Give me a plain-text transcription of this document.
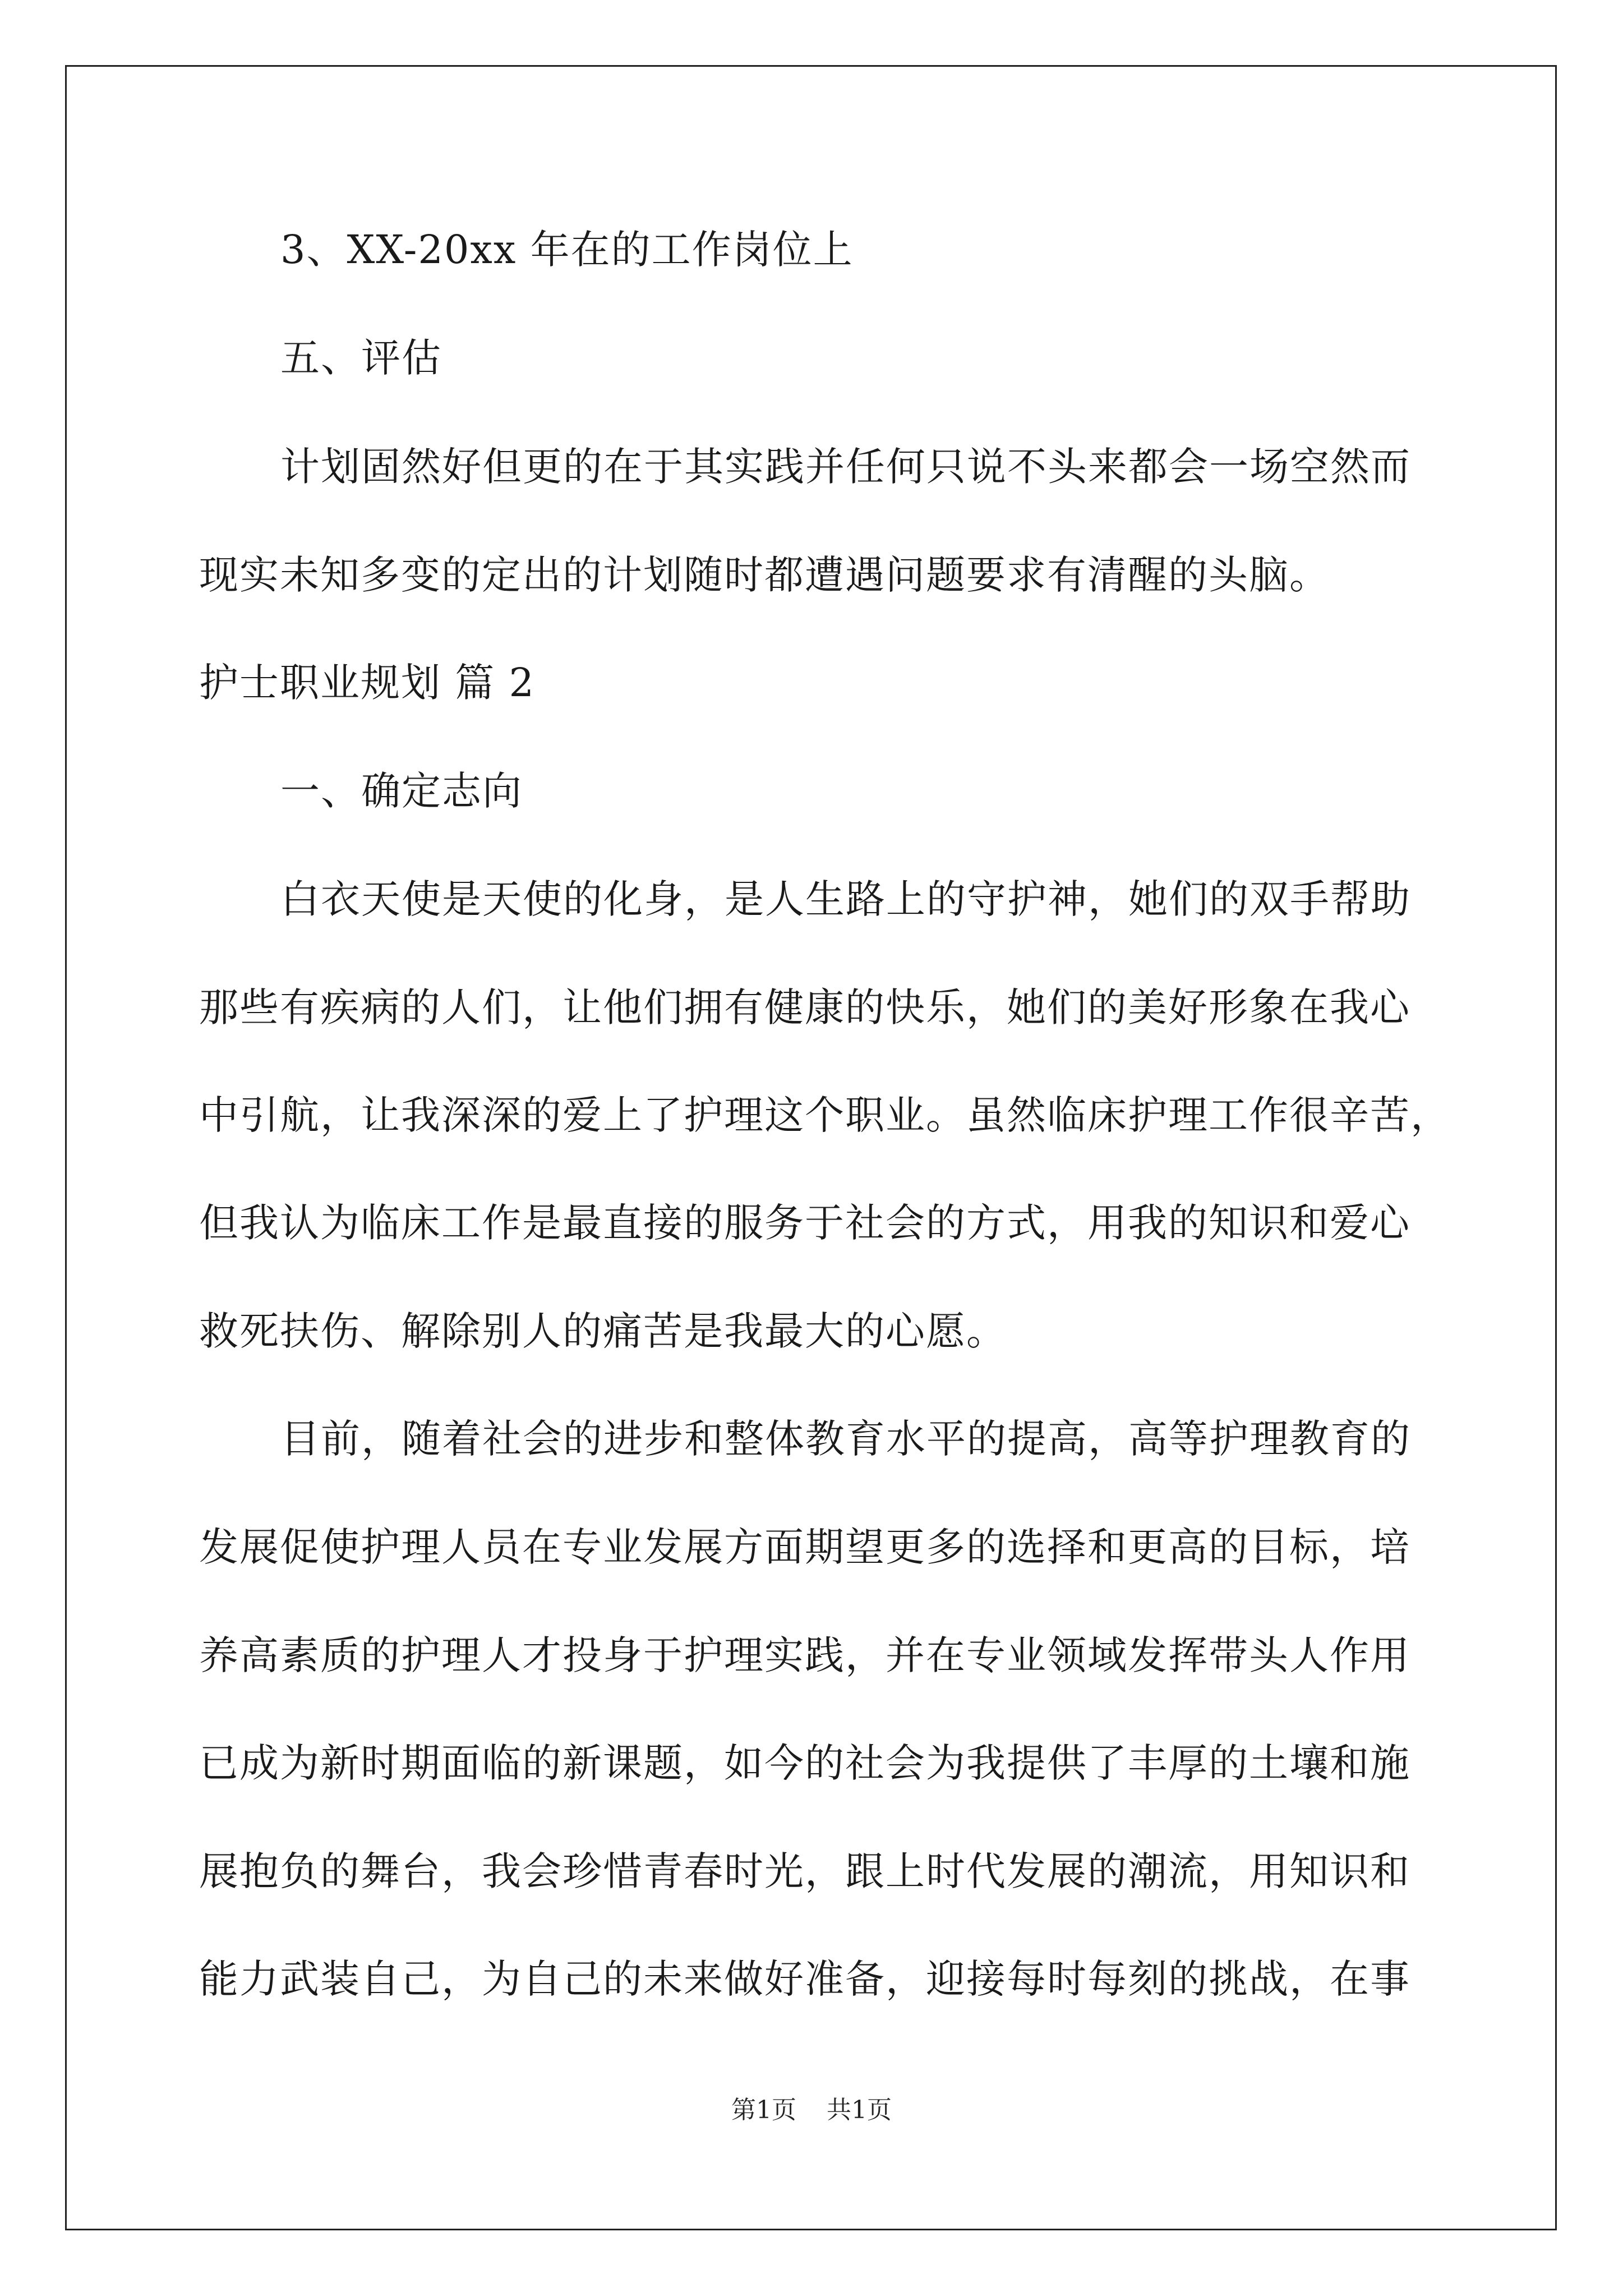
3、XX-20xx 年在的工作岗位上
五、评估
计划固然好但更的在于其实践并任何只说不头来都会一场空然而
现实未知多变的定出的计划随时都遭遇问题要求有清醒的头脑。
护士职业规划 篇 2
一、确定志向
白衣天使是天使的化身，是人生路上的守护神，她们的双手帮助
那些有疾病的人们，让他们拥有健康的快乐，她们的美好形象在我心
中引航，让我深深的爱上了护理这个职业。虽然临床护理工作很辛苦，
但我认为临床工作是最直接的服务于社会的方式，用我的知识和爱心
救死扶伤、解除别人的痛苦是我最大的心愿。
目前，随着社会的进步和整体教育水平的提高，高等护理教育的
发展促使护理人员在专业发展方面期望更多的选择和更高的目标，培
养高素质的护理人才投身于护理实践，并在专业领域发挥带头人作用
已成为新时期面临的新课题，如今的社会为我提供了丰厚的土壤和施
展抱负的舞台，我会珍惜青春时光，跟上时代发展的潮流，用知识和
能力武装自己，为自己的未来做好准备，迎接每时每刻的挑战，在事
第1页 共1页
